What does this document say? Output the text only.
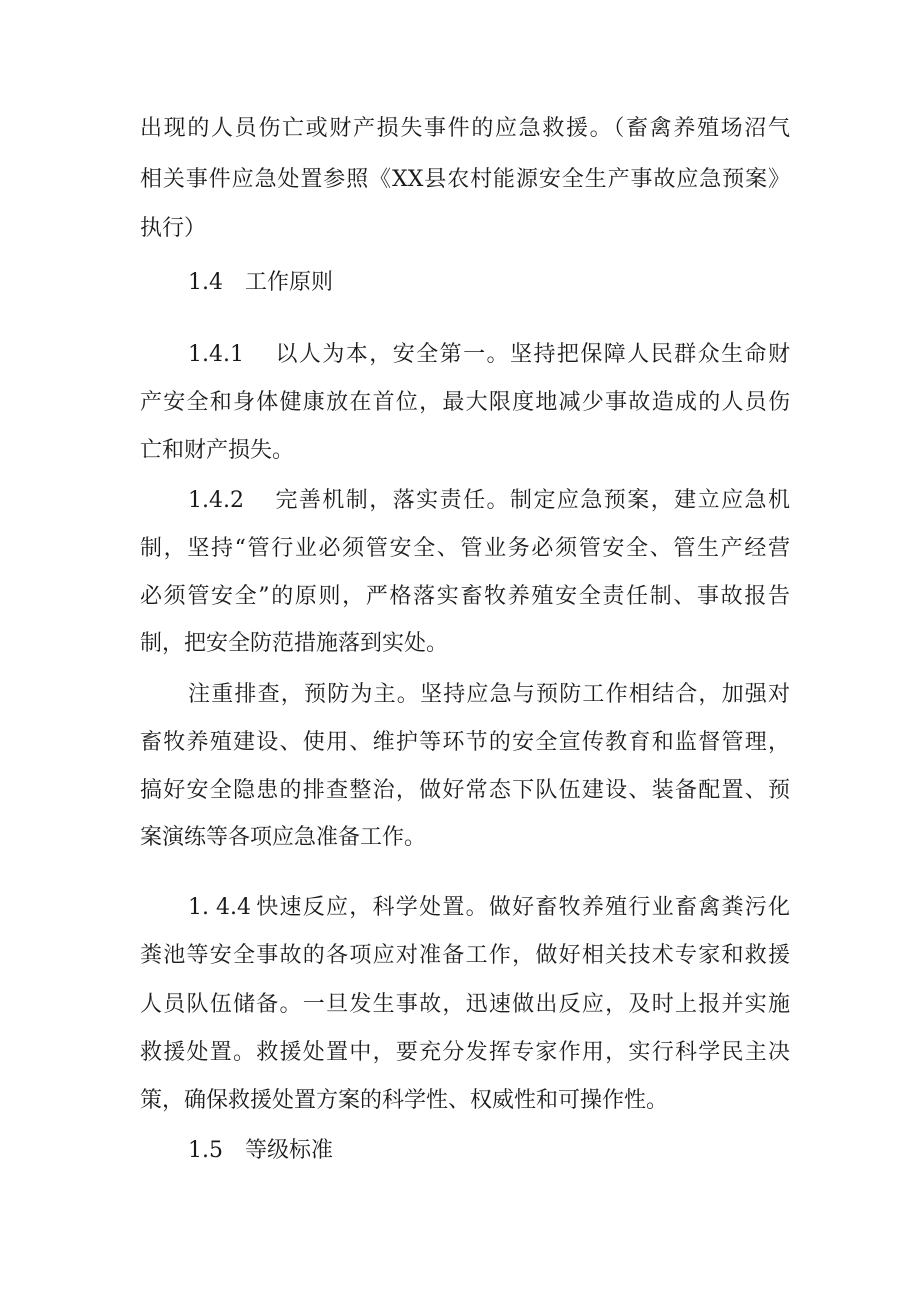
出现的人员伤亡或财产损失事件的应急救援。（畜禽养殖场沼气
相关事件应急处置参照《XX县农村能源安全生产事故应急预案》
执行）
1.4 工作原则
1.4.1 以人为本，安全第一。坚持把保障人民群众生命财
产安全和身体健康放在首位，最大限度地减少事故造成的人员伤
亡和财产损失。
1.4.2 完善机制，落实责任。制定应急预案，建立应急机
制，坚持“管行业必须管安全、管业务必须管安全、管生产经营
必须管安全”的原则，严格落实畜牧养殖安全责任制、事故报告
制，把安全防范措施落到实处。
注重排查，预防为主。坚持应急与预防工作相结合，加强对
畜牧养殖建设、使用、维护等环节的安全宣传教育和监督管理，
搞好安全隐患的排查整治，做好常态下队伍建设、装备配置、预
案演练等各项应急准备工作。
1. 4.4 快速反应，科学处置。做好畜牧养殖行业畜禽粪污化
粪池等安全事故的各项应对准备工作，做好相关技术专家和救援
人员队伍储备。一旦发生事故，迅速做出反应，及时上报并实施
救援处置。救援处置中，要充分发挥专家作用，实行科学民主决
策，确保救援处置方案的科学性、权威性和可操作性。
1.5 等级标准
